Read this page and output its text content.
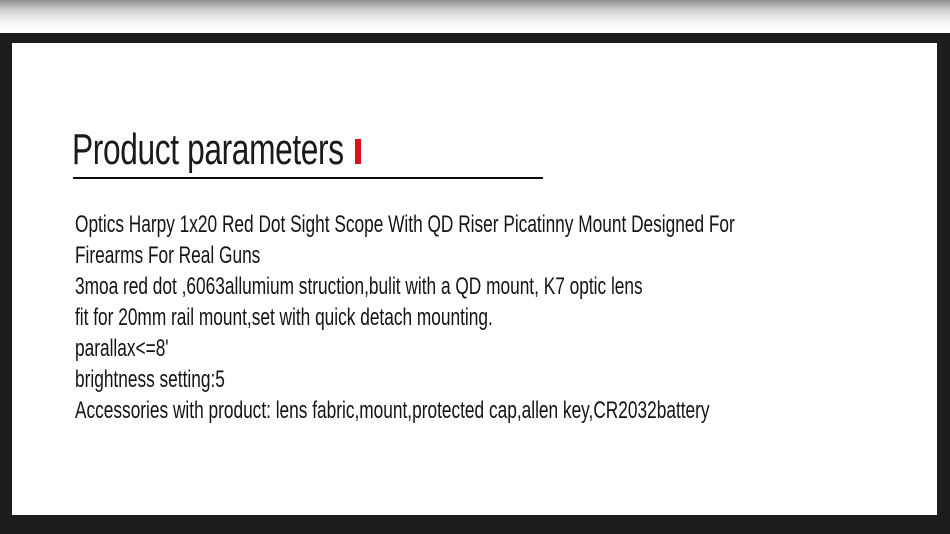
Product parameters
Optics Harpy 1x20 Red Dot Sight Scope With QD Riser Picatinny Mount Designed For
Firearms For Real Guns
3moa red dot ,6063allumium struction,bulit with a QD mount, K7 optic lens
fit for 20mm rail mount,set with quick detach mounting.
parallax<=8'
brightness setting:5
Accessories with product: lens fabric,mount,protected cap,allen key,CR2032battery
